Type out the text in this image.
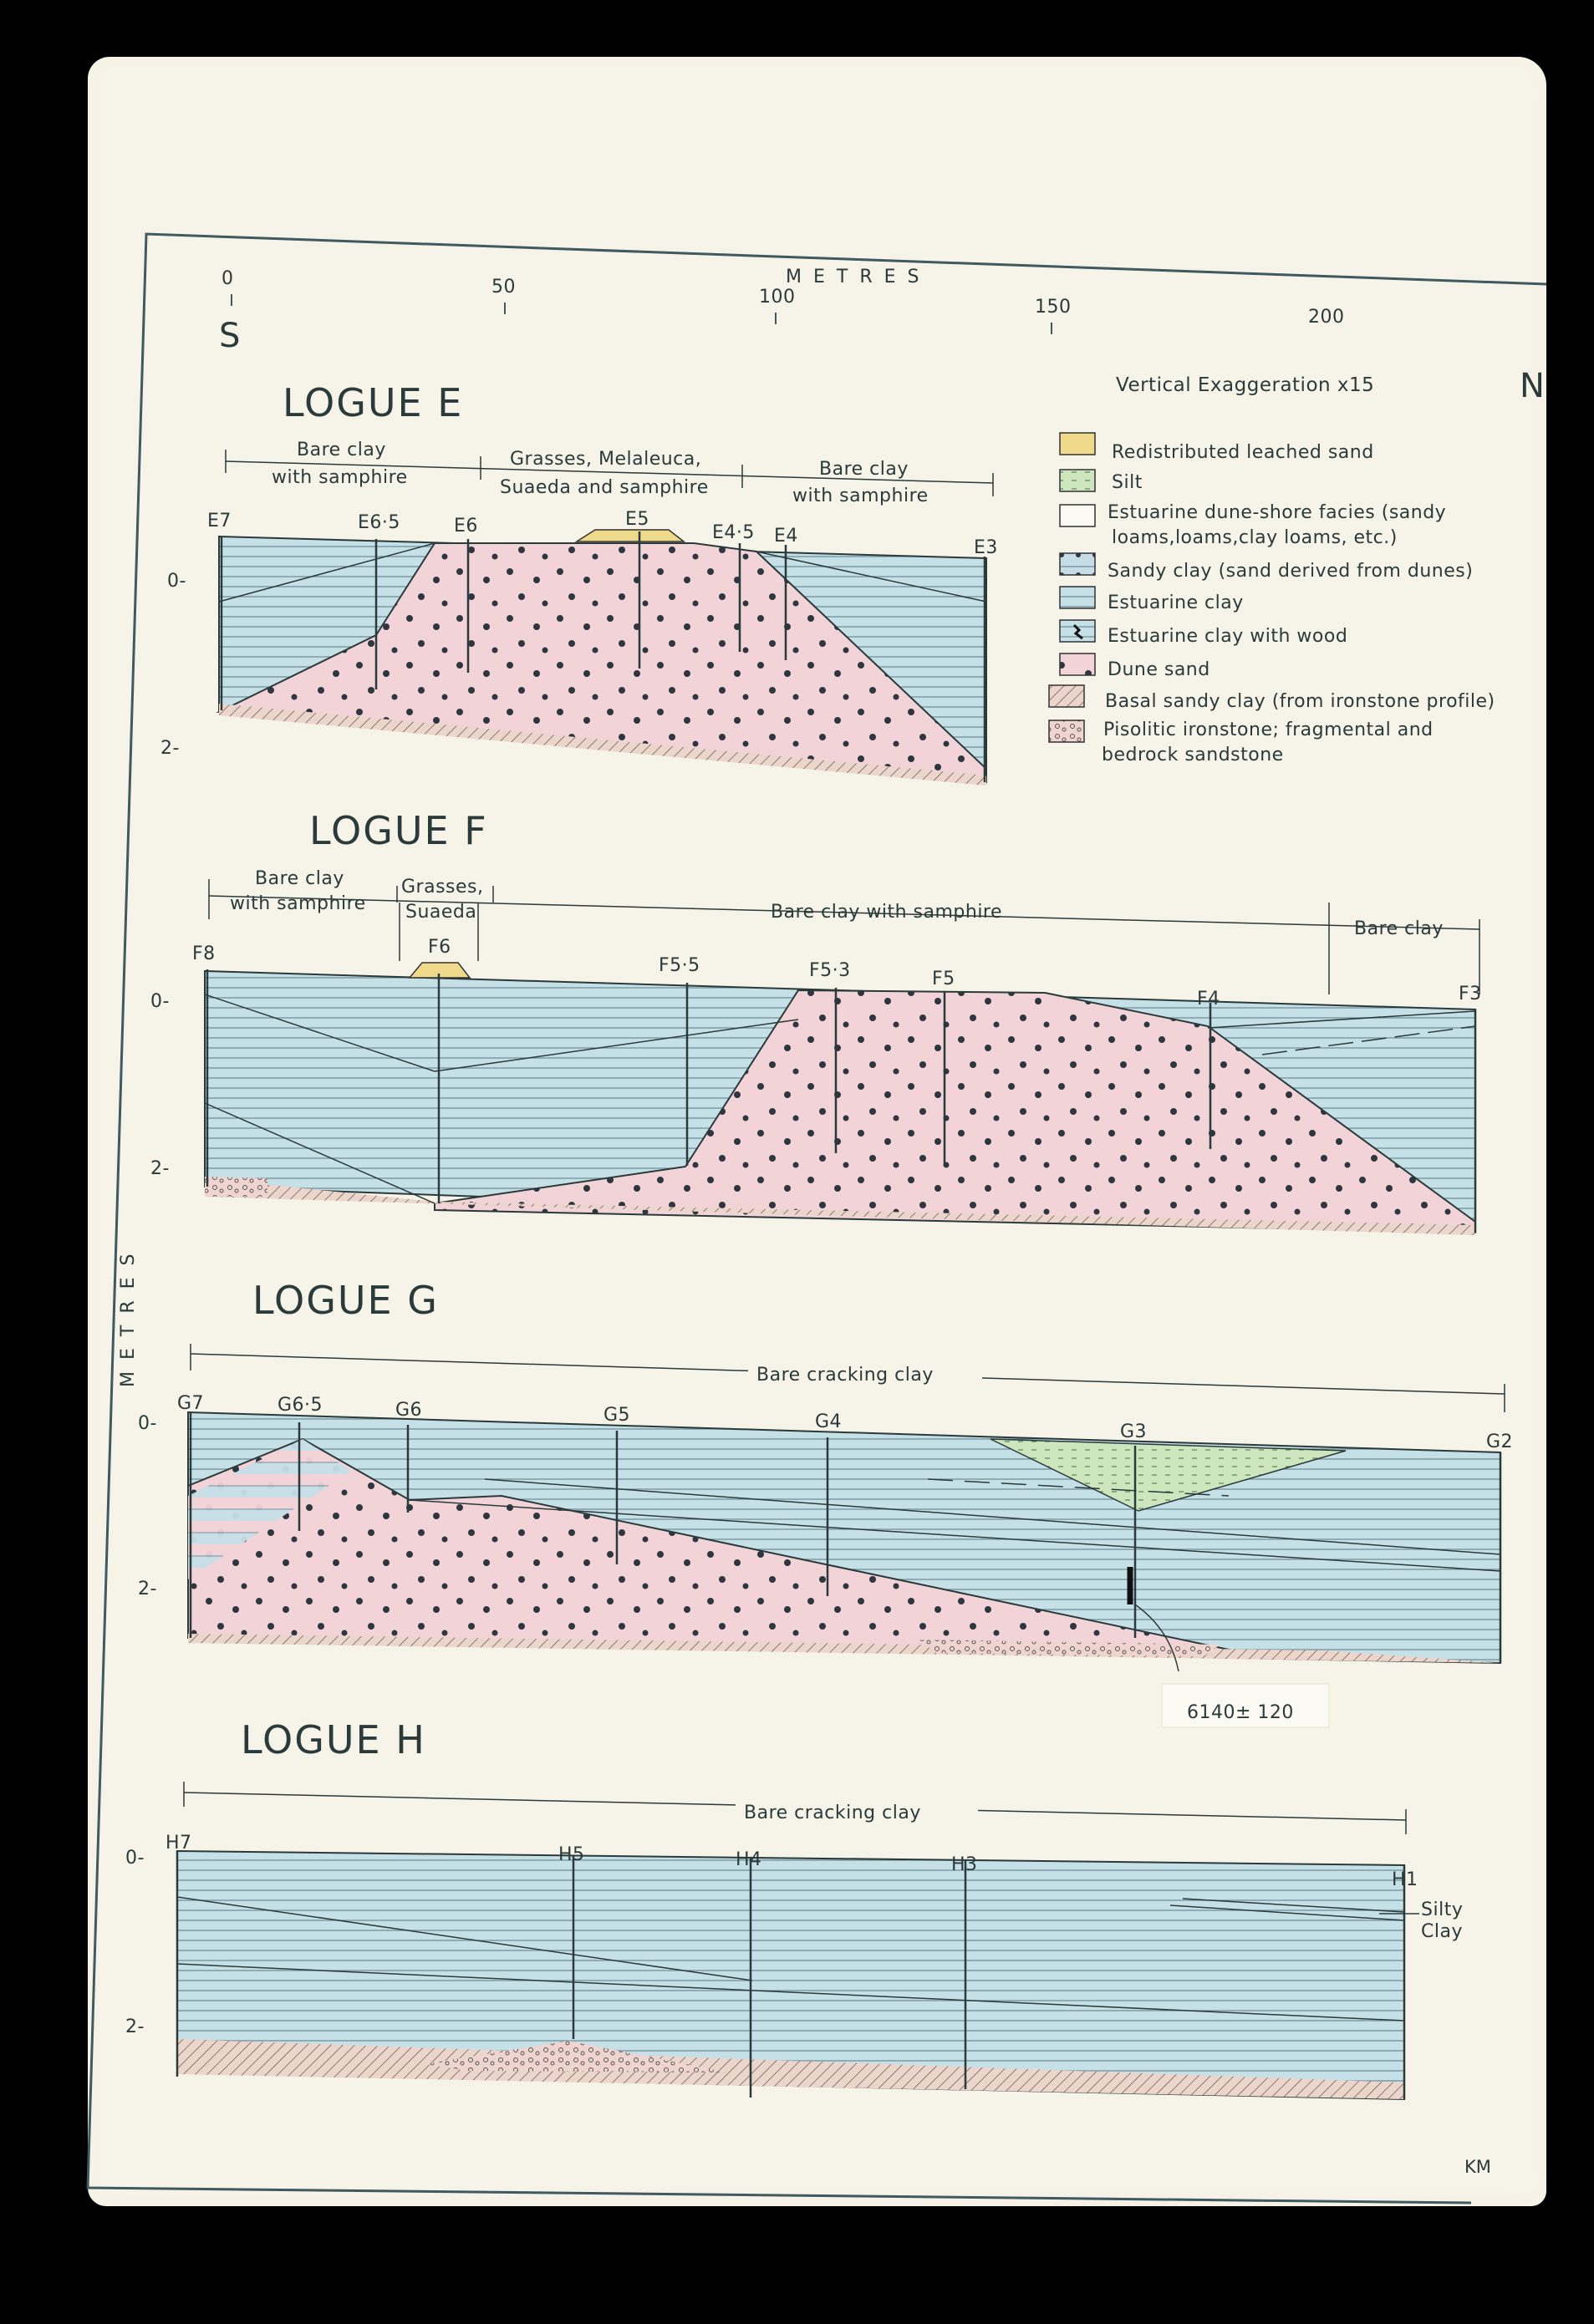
METRES
0	50	100	150	200
S
N
Vertical Exaggeration x15
METRES
Redistributed leached sand
Silt
Estuarine dune-shore facies (sandy
loams,loams,clay loams, etc.)
Sandy clay (sand derived from dunes)
Estuarine clay
Estuarine clay with wood
Dune sand
Basal sandy clay (from ironstone profile)
Pisolitic ironstone; fragmental and
bedrock sandstone
LOGUE E
Bare clay
with samphire
Grasses, Melaleuca,
Suaeda and samphire
Bare clay
with samphire
E7	E6·5	E6	E5
E4·5 E4
E3
0-
2-
LOGUE F
Bare clay
with samphire
Grasses,
Suaeda	Bare clay with samphire
Bare clay
F8	F6
F5·5	F5·3	F5
F4	F3
0-
2-
LOGUE G
Bare cracking clay
G7	G6·5	G6	G5	G4	G3	G2
0-
2-
6140± 120
LOGUE H
Bare cracking clay
H7
H5	H4	H3
H1
0-
2-
Silty
Clay
KM
